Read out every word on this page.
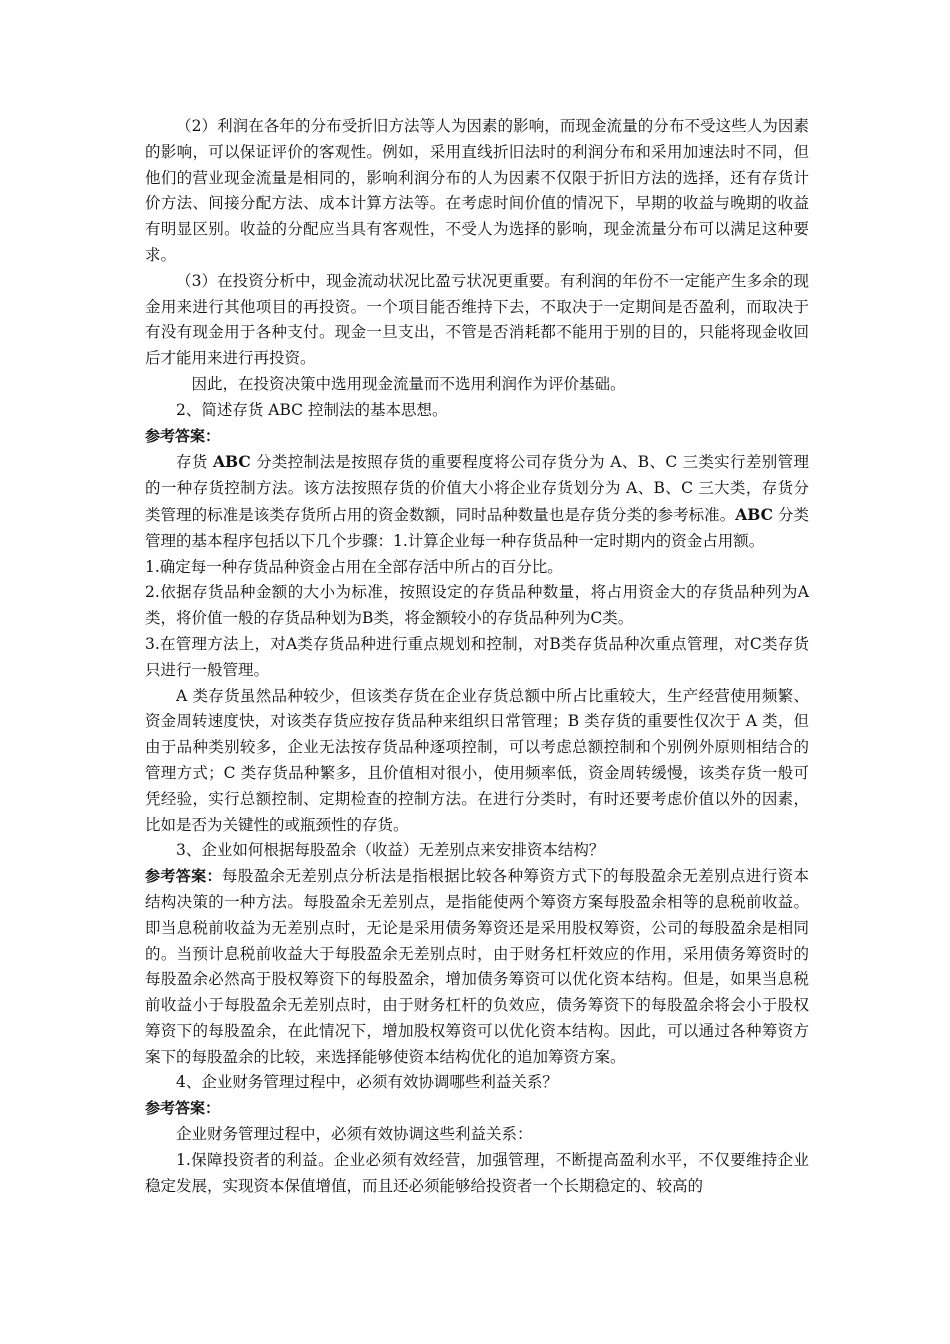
（2）利润在各年的分布受折旧方法等人为因素的影响，而现金流量的分布不受这些人为因素的影响，可以保证评价的客观性。例如，采用直线折旧法时的利润分布和采用加速法时不同，但他们的营业现金流量是相同的，影响利润分布的人为因素不仅限于折旧方法的选择，还有存货计价方法、间接分配方法、成本计算方法等。在考虑时间价值的情况下，早期的收益与晚期的收益有明显区别。收益的分配应当具有客观性，不受人为选择的影响，现金流量分布可以满足这种要求。

（3）在投资分析中，现金流动状况比盈亏状况更重要。有利润的年份不一定能产生多余的现金用来进行其他项目的再投资。一个项目能否维持下去，不取决于一定期间是否盈利，而取决于有没有现金用于各种支付。现金一旦支出，不管是否消耗都不能用于别的目的，只能将现金收回后才能用来进行再投资。

因此，在投资决策中选用现金流量而不选用利润作为评价基础。

2、简述存货 ABC 控制法的基本思想。

参考答案：

存货 ABC 分类控制法是按照存货的重要程度将公司存货分为 A、B、C 三类实行差别管理的一种存货控制方法。该方法按照存货的价值大小将企业存货划分为 A、B、C 三大类，存货分类管理的标准是该类存货所占用的资金数额，同时品种数量也是存货分类的参考标准。ABC 分类管理的基本程序包括以下几个步骤：1.计算企业每一种存货品种一定时期内的资金占用额。

1.确定每一种存货品种资金占用在全部存活中所占的百分比。

2.依据存货品种金额的大小为标准，按照设定的存货品种数量，将占用资金大的存货品种列为A类，将价值一般的存货品种划为B类，将金额较小的存货品种列为C类。

3.在管理方法上，对A类存货品种进行重点规划和控制，对B类存货品种次重点管理，对C类存货只进行一般管理。

A 类存货虽然品种较少，但该类存货在企业存货总额中所占比重较大，生产经营使用频繁、资金周转速度快，对该类存货应按存货品种来组织日常管理；B 类存货的重要性仅次于 A 类，但由于品种类别较多，企业无法按存货品种逐项控制，可以考虑总额控制和个别例外原则相结合的管理方式；C 类存货品种繁多，且价值相对很小，使用频率低，资金周转缓慢，该类存货一般可凭经验，实行总额控制、定期检查的控制方法。在进行分类时，有时还要考虑价值以外的因素，比如是否为关键性的或瓶颈性的存货。

3、企业如何根据每股盈余（收益）无差别点来安排资本结构？

参考答案：每股盈余无差别点分析法是指根据比较各种筹资方式下的每股盈余无差别点进行资本结构决策的一种方法。每股盈余无差别点，是指能使两个筹资方案每股盈余相等的息税前收益。即当息税前收益为无差别点时，无论是采用债务筹资还是采用股权筹资，公司的每股盈余是相同的。当预计息税前收益大于每股盈余无差别点时，由于财务杠杆效应的作用，采用债务筹资时的每股盈余必然高于股权筹资下的每股盈余，增加债务筹资可以优化资本结构。但是，如果当息税前收益小于每股盈余无差别点时，由于财务杠杆的负效应，债务筹资下的每股盈余将会小于股权筹资下的每股盈余，在此情况下，增加股权筹资可以优化资本结构。因此，可以通过各种筹资方案下的每股盈余的比较，来选择能够使资本结构优化的追加筹资方案。

4、企业财务管理过程中，必须有效协调哪些利益关系？

参考答案：

企业财务管理过程中，必须有效协调这些利益关系：

1.保障投资者的利益。企业必须有效经营，加强管理，不断提高盈利水平，不仅要维持企业稳定发展，实现资本保值增值，而且还必须能够给投资者一个长期稳定的、较高的
